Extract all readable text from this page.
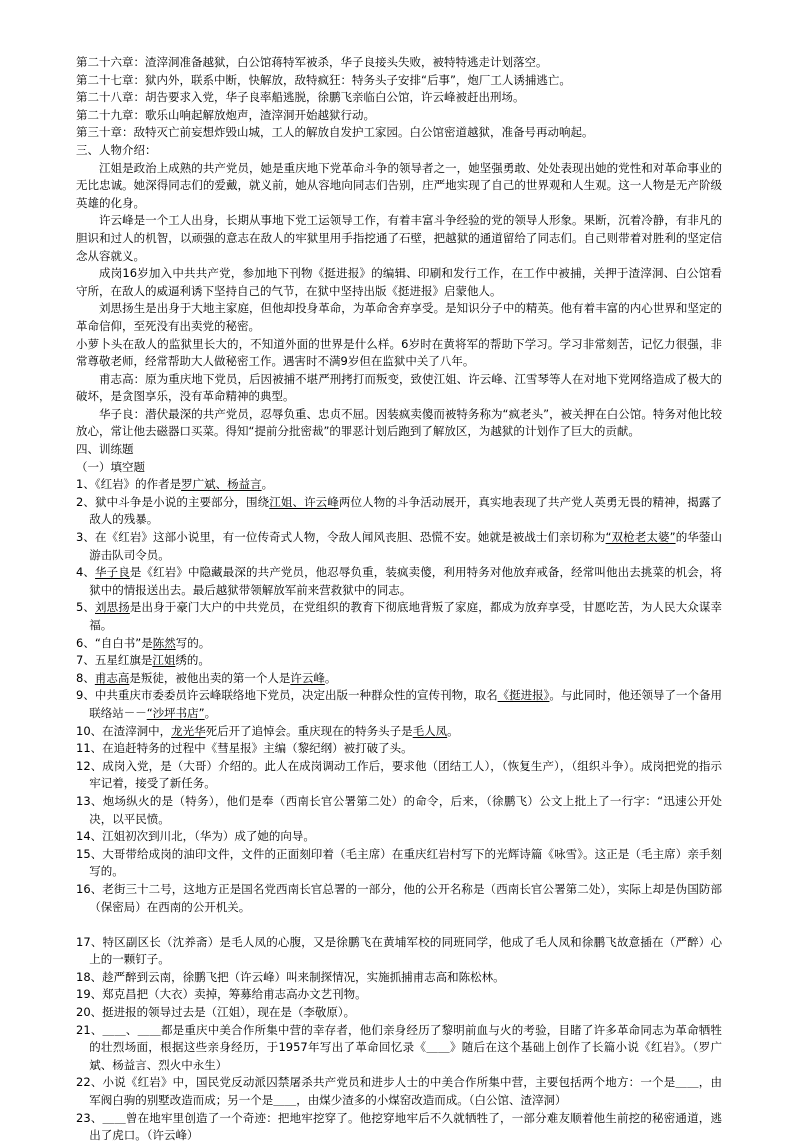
第二十六章：渣滓洞准备越狱，白公馆蒋特军被杀，华子良接头失败，被特特逃走计划落空。
第二十七章：狱内外，联系中断，快解放，敌特疯狂：特务头子安排“后事”，炮厂工人诱捕逃亡。
第二十八章：胡告要求入党，华子良率船逃脱，徐鹏飞亲临白公馆，许云峰被赶出刑场。
第二十九章：歌乐山响起解放炮声，渣滓洞开始越狱行动。
第三十章：敌特灭亡前妄想炸毁山城，工人的解放自发护工家园。白公馆密道越狱，准备号再动响起。
三、人物介绍：
江姐是政治上成熟的共产党员，她是重庆地下党革命斗争的领导者之一，她坚强勇敢、处处表现出她的党性和对革命事业的无比忠诚。她深得同志们的爱戴，就义前，她从容地向同志们告别，庄严地实现了自己的世界观和人生观。这一人物是无产阶级英雄的化身。
许云峰是一个工人出身，长期从事地下党工运领导工作，有着丰富斗争经验的党的领导人形象。果断，沉着冷静，有非凡的胆识和过人的机智，以顽强的意志在敌人的牢狱里用手指挖通了石壁，把越狱的通道留给了同志们。自己则带着对胜利的坚定信念从容就义。
成岗16岁加入中共共产党，参加地下刊物《挺进报》的编辑、印刷和发行工作，在工作中被捕，关押于渣滓洞、白公馆看守所，在敌人的威逼利诱下坚持自己的气节，在狱中坚持出版《挺进报》启蒙他人。
刘思扬生是出身于大地主家庭，但他却投身革命，为革命舍弃享受。是知识分子中的精英。他有着丰富的内心世界和坚定的革命信仰，至死没有出卖党的秘密。
小萝卜头在敌人的监狱里长大的，不知道外面的世界是什么样。6岁时在黄将军的帮助下学习。学习非常刻苦，记忆力很强，非常尊敬老师，经常帮助大人做秘密工作。遇害时不满9岁但在监狱中关了八年。
甫志高：原为重庆地下党员，后因被捕不堪严刑拷打而叛变，致使江姐、许云峰、江雪琴等人在对地下党网络造成了极大的破坏，是贪图享乐，没有革命精神的典型。
华子良：潜伏最深的共产党员，忍辱负重、忠贞不屈。因装疯卖傻而被特务称为“疯老头”，被关押在白公馆。特务对他比较放心，常让他去磁器口买菜。得知“提前分批密裁”的罪恶计划后跑到了解放区，为越狱的计划作了巨大的贡献。
四、训练题
（一）填空题
1、《红岩》的作者是罗广斌、杨益言。
2、狱中斗争是小说的主要部分，围绕江姐、许云峰两位人物的斗争活动展开，真实地表现了共产党人英勇无畏的精神，揭露了敌人的残暴。
3、在《红岩》这部小说里，有一位传奇式人物，令敌人闻风丧胆、恐慌不安。她就是被战士们亲切称为“双枪老太婆”的华蓥山游击队司令员。
4、华子良是《红岩》中隐藏最深的共产党员，他忍辱负重，装疯卖傻，利用特务对他放弃戒备，经常叫他出去挑菜的机会，将狱中的情报送出去。最后越狱带领解放军前来营救狱中的同志。
5、刘思扬是出身于豪门大户的中共党员，在党组织的教育下彻底地背叛了家庭，都成为放弃享受，甘愿吃苦，为人民大众谋幸福。
6、“自白书”是陈然写的。
7、五星红旗是江姐绣的。
8、甫志高是叛徒，被他出卖的第一个人是许云峰。
9、中共重庆市委委员许云峰联络地下党员，决定出版一种群众性的宣传刊物，取名《挺进报》。与此同时，他还领导了一个备用联络站－－“沙坪书店”。
10、在渣滓洞中，龙光华死后开了追悼会。重庆现在的特务头子是毛人凤。
11、在追赶特务的过程中《彗星报》主编（黎纪纲）被打破了头。
12、成岗入党，是（大哥）介绍的。此人在成岗调动工作后，要求他（团结工人），（恢复生产），（组织斗争）。成岗把党的指示牢记着，接受了新任务。
13、炮场纵火的是（特务），他们是奉（西南长官公署第二处）的命令，后来，（徐鹏飞）公文上批上了一行字：“迅速公开处决，以平民愤。
14、江姐初次到川北，（华为）成了她的向导。
15、大哥带给成岗的油印文件，文件的正面刻印着（毛主席）在重庆红岩村写下的光辉诗篇《咏雪》。这正是（毛主席）亲手刻写的。
16、老街三十二号，这地方正是国名党西南长官总署的一部分，他的公开名称是（西南长官公署第二处），实际上却是伪国防部（保密局）在西南的公开机关。
17、特区副区长（沈养斋）是毛人凤的心腹，又是徐鹏飞在黄埔军校的同班同学，他成了毛人凤和徐鹏飞故意插在（严醉）心上的一颗钉子。
18、趁严醉到云南，徐鹏飞把（许云峰）叫来制探情况，实施抓捕甫志高和陈松林。
19、郑克昌把（大衣）卖掉，筹募给甫志高办文艺刊物。
20、挺进报的领导过去是（江姐），现在是（李敬原）。
21、＿＿、＿＿都是重庆中美合作所集中营的幸存者，他们亲身经历了黎明前血与火的考验，目睹了许多革命同志为革命牺牲的壮烈场面，根据这些亲身经历，于1957年写出了革命回忆录《＿＿》随后在这个基础上创作了长篇小说《红岩》。（罗广斌、杨益言、烈火中永生）
22、小说《红岩》中，国民党反动派囚禁屠杀共产党员和进步人士的中美合作所集中营，主要包括两个地方：一个是＿＿，由军阀白驹的别墅改造而成；另一个是＿＿，由煤少渣多的小煤窑改造而成。（白公馆、渣滓洞）
23、＿＿曾在地牢里创造了一个奇迹：把地牢挖穿了。他挖穿地牢后不久就牺牲了，一部分难友顺着他生前挖的秘密通道，逃出了虎口。（许云峰）
